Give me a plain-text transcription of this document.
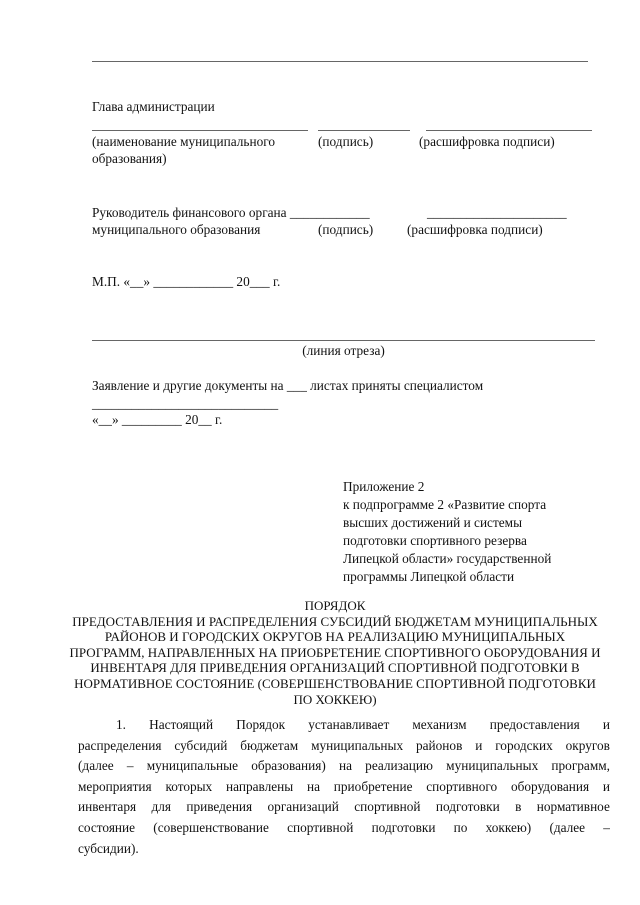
Глава администрации
(наименование муниципального	(подпись)	(расшифровка подписи)
образования)
Руководитель финансового органа ____________	_____________________
муниципального образования	(подпись)	(расшифровка подписи)
М.П. «__» ____________ 20___ г.
(линия отреза)
Заявление и другие документы на ___ листах приняты специалистом
____________________________
«__» _________ 20__ г.
Приложение 2
к подпрограмме 2 «Развитие спорта
высших достижений и системы
подготовки спортивного резерва
Липецкой области» государственной
программы Липецкой области
ПОРЯДОК
ПРЕДОСТАВЛЕНИЯ И РАСПРЕДЕЛЕНИЯ СУБСИДИЙ БЮДЖЕТАМ МУНИЦИПАЛЬНЫХ
РАЙОНОВ И ГОРОДСКИХ ОКРУГОВ НА РЕАЛИЗАЦИЮ МУНИЦИПАЛЬНЫХ
ПРОГРАММ, НАПРАВЛЕННЫХ НА ПРИОБРЕТЕНИЕ СПОРТИВНОГО ОБОРУДОВАНИЯ И
ИНВЕНТАРЯ ДЛЯ ПРИВЕДЕНИЯ ОРГАНИЗАЦИЙ СПОРТИВНОЙ ПОДГОТОВКИ В
НОРМАТИВНОЕ СОСТОЯНИЕ (СОВЕРШЕНСТВОВАНИЕ СПОРТИВНОЙ ПОДГОТОВКИ
ПО ХОККЕЮ)
1. Настоящий Порядок устанавливает механизм предоставления и
распределения субсидий бюджетам муниципальных районов и городских округов
(далее – муниципальные образования) на реализацию муниципальных программ,
мероприятия которых направлены на приобретение спортивного оборудования и
инвентаря для приведения организаций спортивной подготовки в нормативное
состояние (совершенствование спортивной подготовки по хоккею) (далее –
субсидии).
